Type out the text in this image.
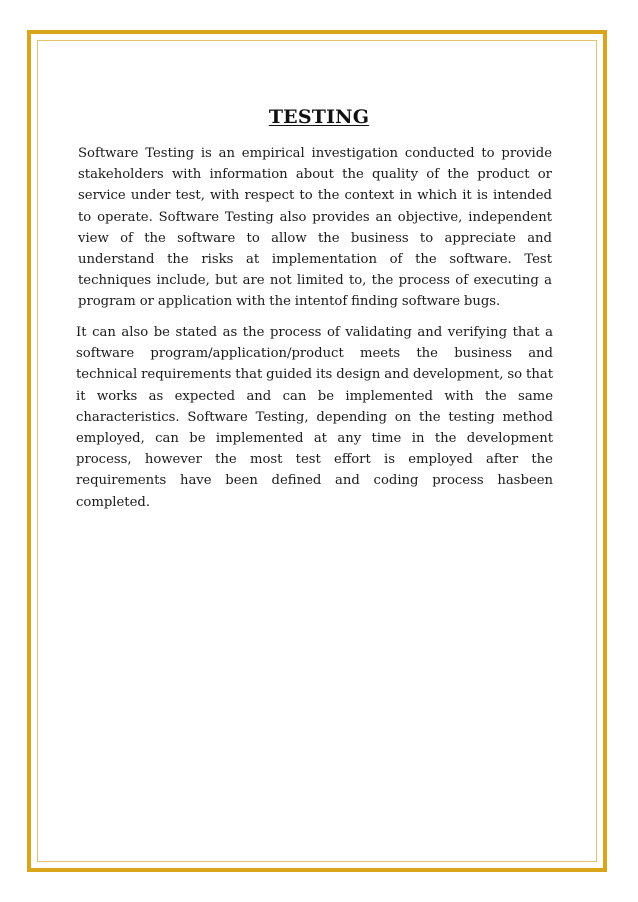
TESTING

Software Testing is an empirical investigation conducted to provide stakeholders with information about the quality of the product or service under test, with respect to the context in which it is intended to operate. Software Testing also provides an objective, independent view of the software to allow the business to appreciate and understand the risks at implementation of the software. Test techniques include, but are not limited to, the process of executing a program or application with the intentof finding software bugs.

It can also be stated as the process of validating and verifying that a software program/application/product meets the business and technical requirements that guided its design and development, so that it works as expected and can be implemented with the same characteristics. Software Testing, depending on the testing method employed, can be implemented at any time in the development process, however the most test effort is employed after the requirements have been defined and coding process hasbeen completed.
